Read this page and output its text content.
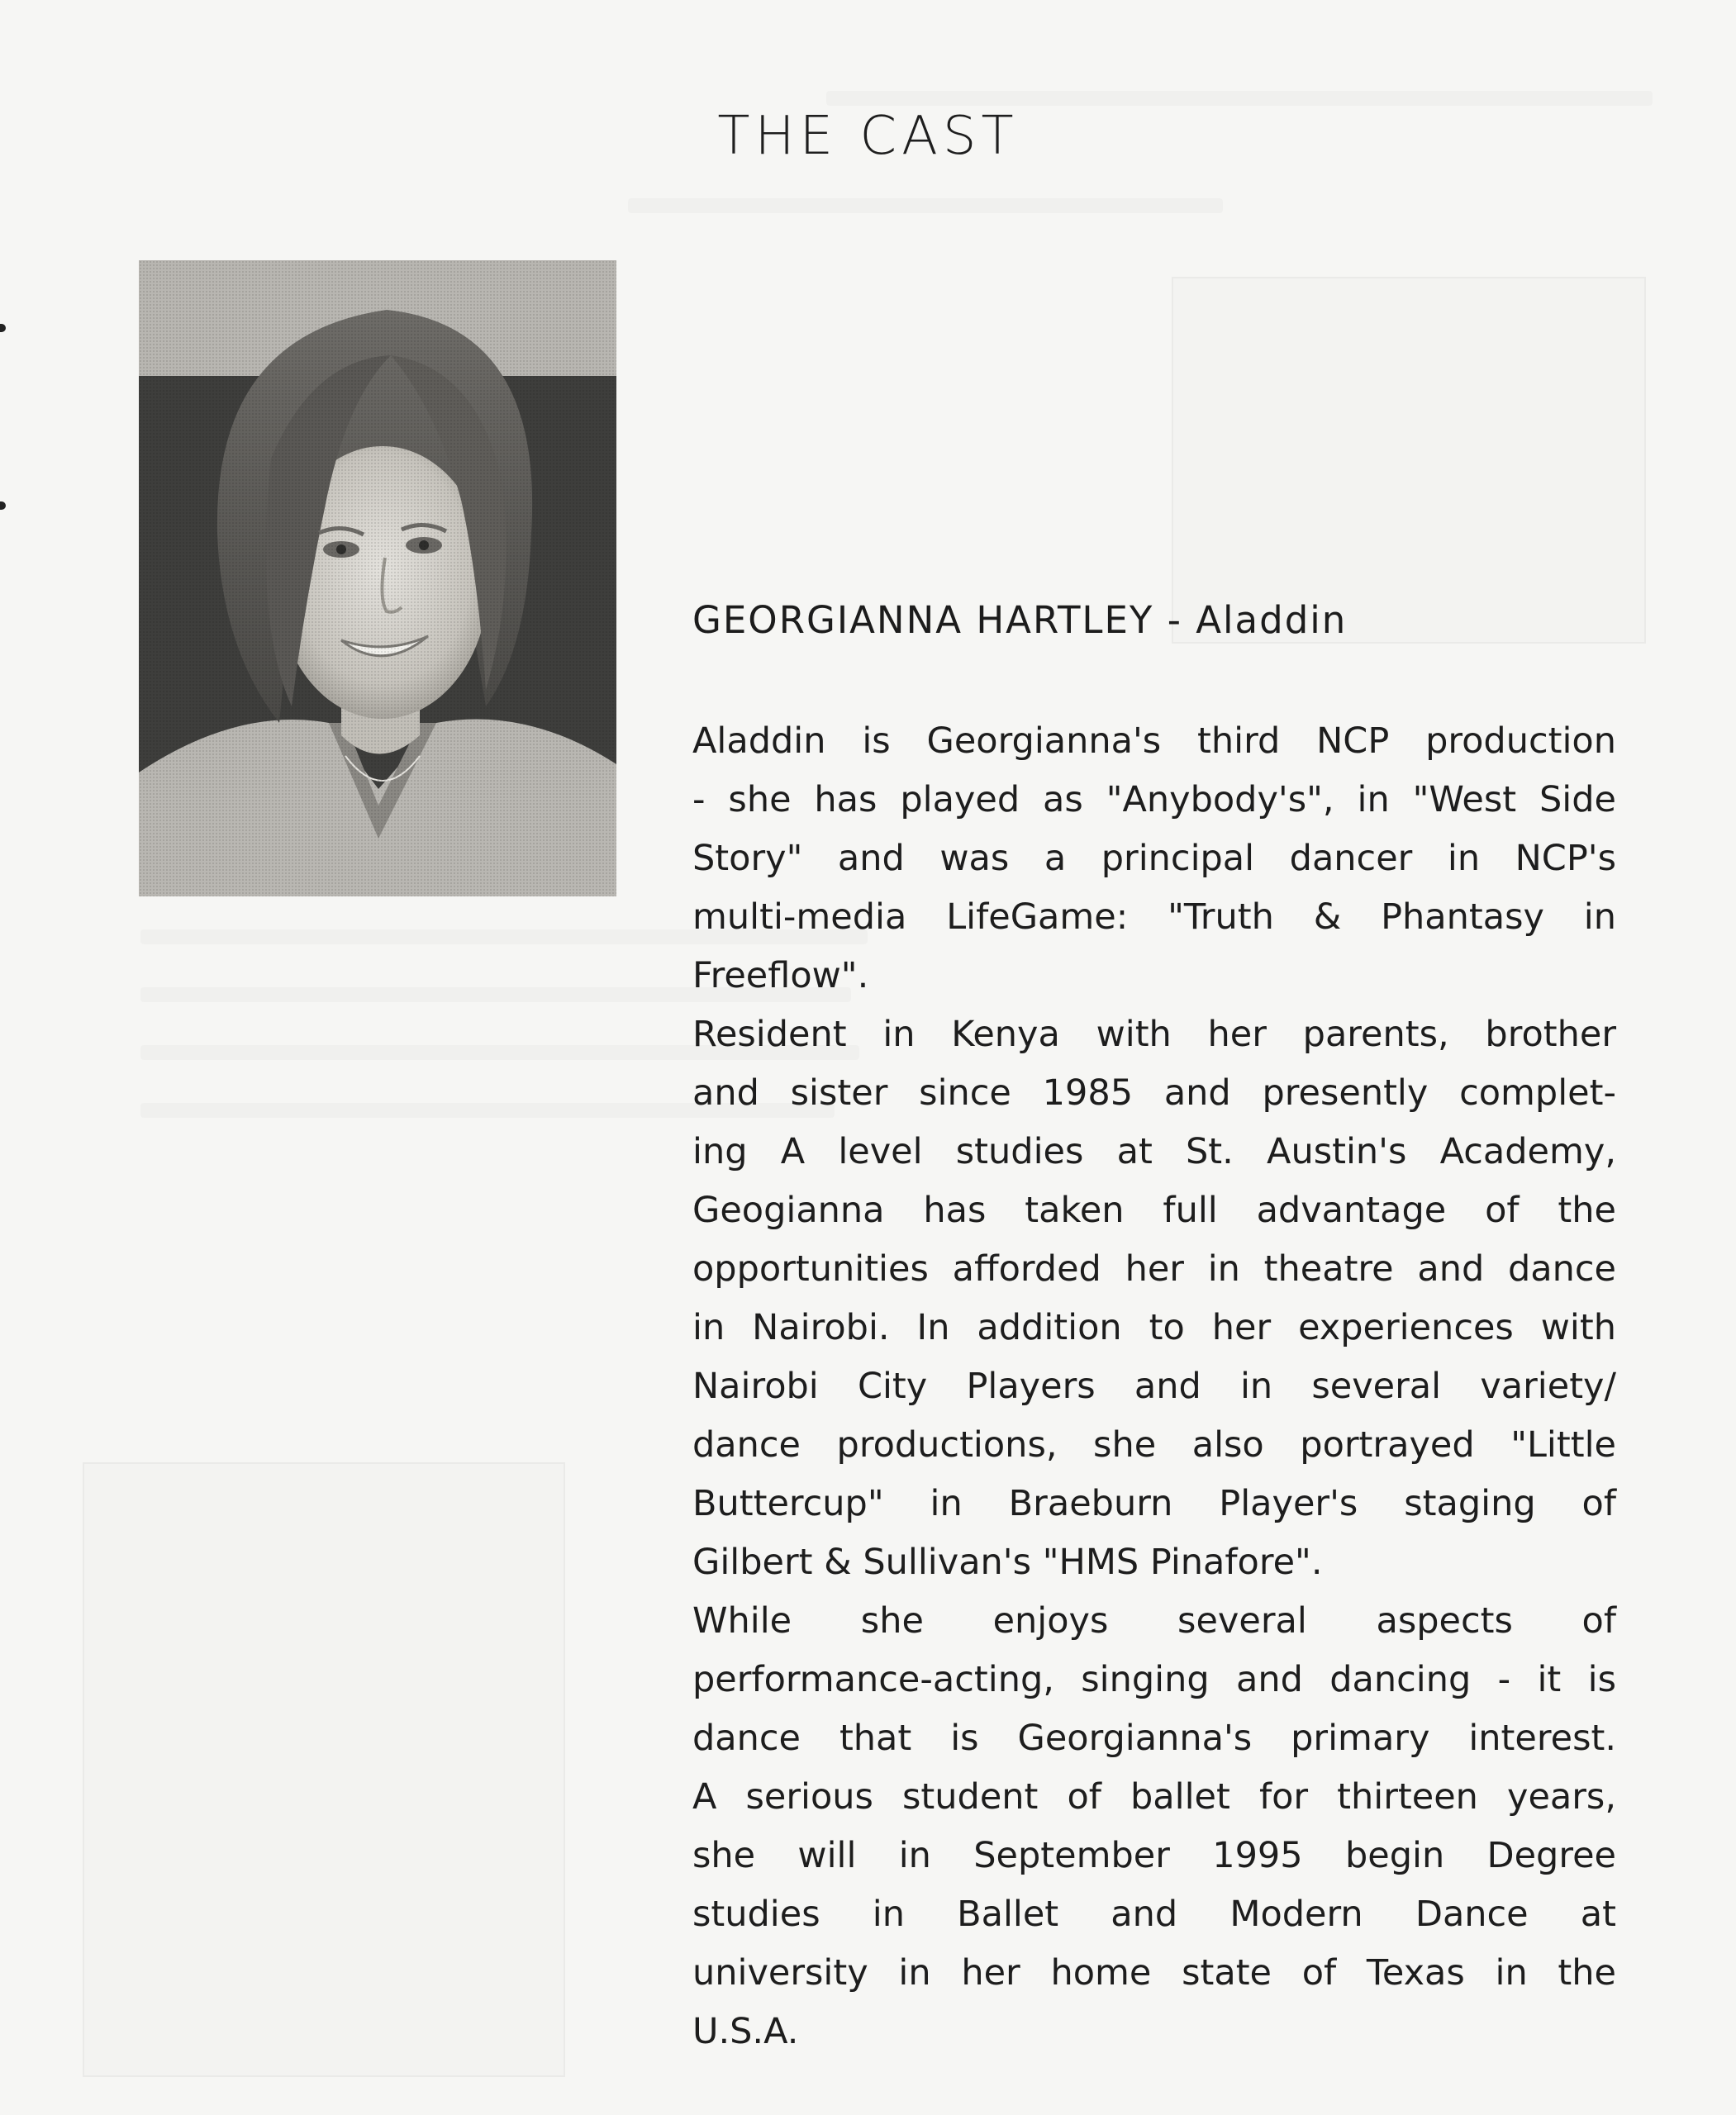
THE CAST
GEORGIANNA HARTLEY - Aladdin
Aladdin is Georgianna's third NCP production
- she has played as "Anybody's", in "West Side
Story" and was a principal dancer in NCP's
multi-media LifeGame: "Truth & Phantasy in
Freeflow".
Resident in Kenya with her parents, brother
and sister since 1985 and presently complet-
ing A level studies at St. Austin's Academy,
Geogianna has taken full advantage of the
opportunities afforded her in theatre and dance
in Nairobi. In addition to her experiences with
Nairobi City Players and in several variety/
dance productions, she also portrayed "Little
Buttercup" in Braeburn Player's staging of
Gilbert & Sullivan's "HMS Pinafore".
While she enjoys several aspects of
performance-acting, singing and dancing - it is
dance that is Georgianna's primary interest.
A serious student of ballet for thirteen years,
she will in September 1995 begin Degree
studies in Ballet and Modern Dance at
university in her home state of Texas in the
U.S.A.
